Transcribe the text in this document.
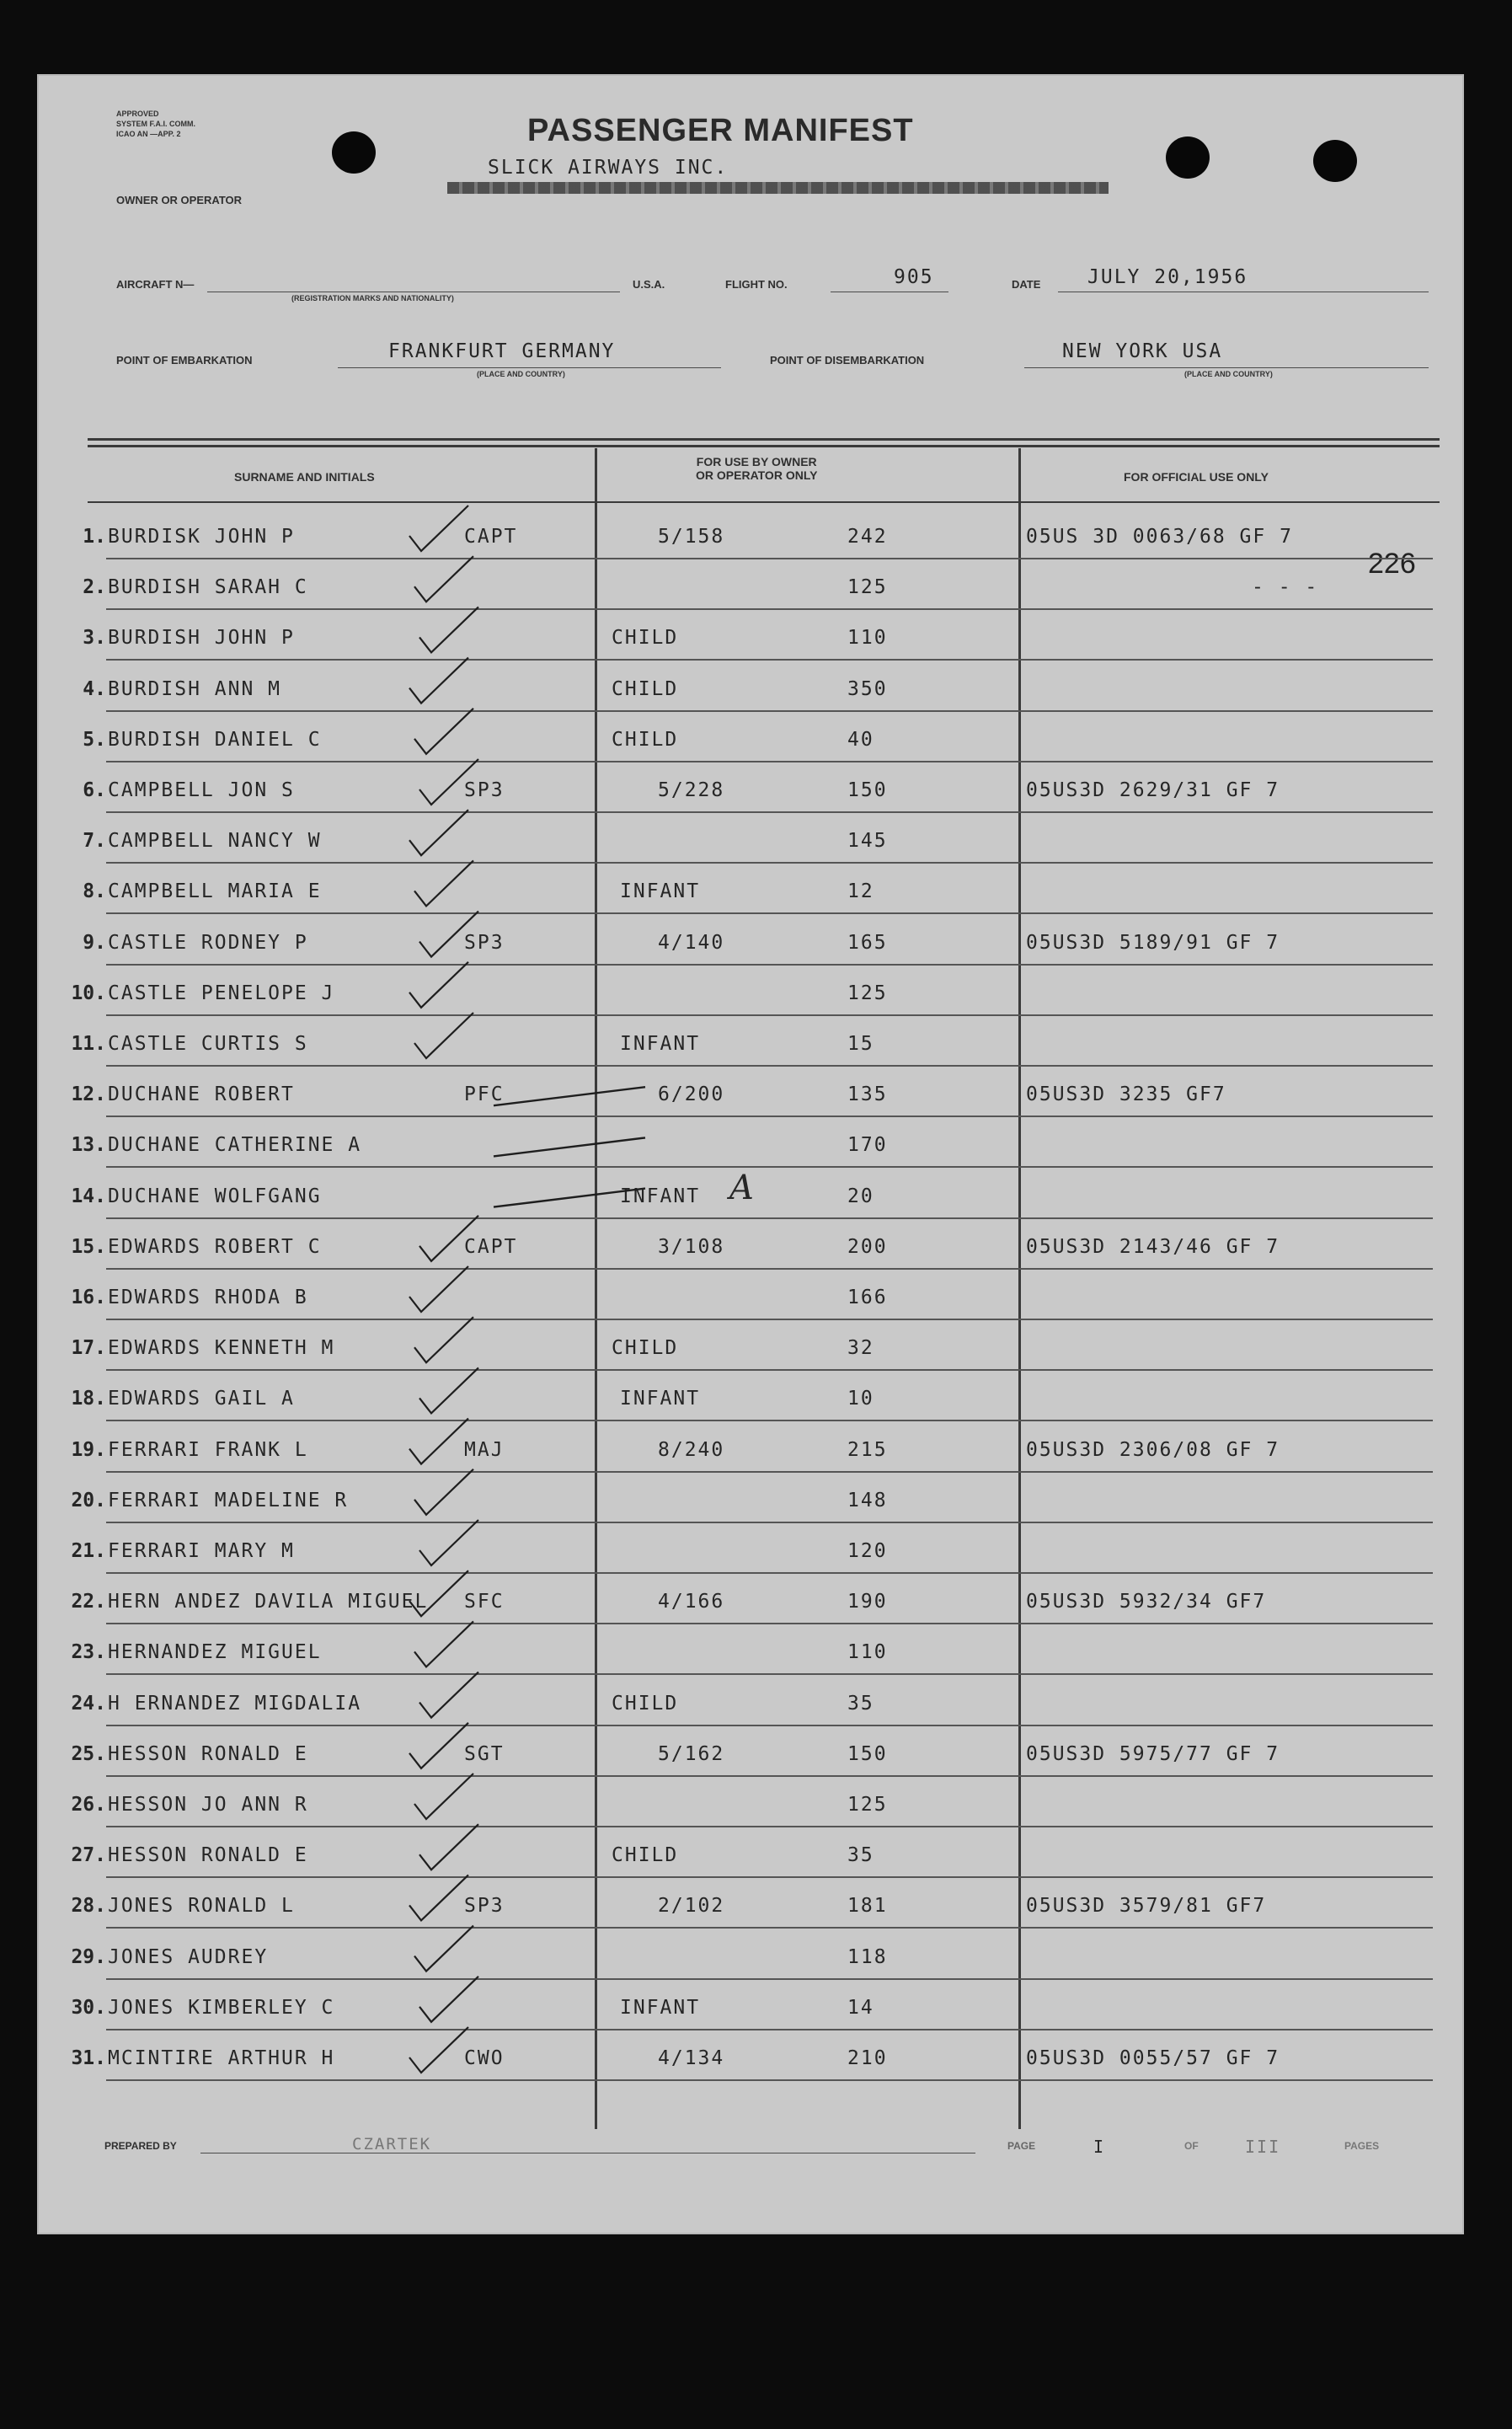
APPROVED
SYSTEM F.A.I. COMM.
ICAO AN —APP. 2	PASSENGER MANIFEST
SLICK AIRWAYS INC.
OWNER OR OPERATOR
AIRCRAFT N—
(REGISTRATION MARKS AND NATIONALITY)
U.S.A.	FLIGHT NO.	905	DATE JULY 20,1956
POINT OF EMBARKATION	FRANKFURT GERMANY
(PLACE AND COUNTRY)
POINT OF DISEMBARKATION	NEW YORK USA
(PLACE AND COUNTRY)
SURNAME AND INITIALS
FOR USE BY OWNER
OR OPERATOR ONLY	FOR OFFICIAL USE ONLY
226
1. BURDISK JOHN P	CAPT	5/158	242	05US 3D 0063/68 GF 7
2. BURDISH SARAH C	125	- - -
3. BURDISH JOHN P	CHILD	110
4. BURDISH ANN M	CHILD	350
5. BURDISH DANIEL C	CHILD	40
6. CAMPBELL JON S	SP3	5/228	150	05US3D 2629/31 GF 7
7. CAMPBELL NANCY W	145
8. CAMPBELL MARIA E	INFANT	12
9. CASTLE RODNEY P	SP3	4/140	165	05US3D 5189/91 GF 7
10. CASTLE PENELOPE J	125
11. CASTLE CURTIS S	INFANT	15
12. DUCHANE ROBERT	PFC	6/200	135	05US3D 3235 GF7
13. DUCHANE CATHERINE A	170
14. DUCHANE WOLFGANG	INFANT A	20
15. EDWARDS ROBERT C	CAPT	3/108	200	05US3D 2143/46 GF 7
16. EDWARDS RHODA B	166
17. EDWARDS KENNETH M	CHILD	32
18. EDWARDS GAIL A	INFANT	10
19. FERRARI FRANK L	MAJ	8/240	215	05US3D 2306/08 GF 7
20. FERRARI MADELINE R	148
21. FERRARI MARY M	120
22. HERN ANDEZ DAVILA MIGUEL SFC	4/166	190	05US3D 5932/34 GF7
23. HERNANDEZ MIGUEL	110
24. H ERNANDEZ MIGDALIA	CHILD	35
25. HESSON RONALD E	SGT	5/162	150	05US3D 5975/77 GF 7
26. HESSON JO ANN R	125
27. HESSON RONALD E	CHILD	35
28. JONES RONALD L	SP3	2/102	181	05US3D 3579/81 GF7
29. JONES AUDREY	118
30. JONES KIMBERLEY C	INFANT	14
31. MCINTIRE ARTHUR H	CWO	4/134	210	05US3D 0055/57 GF 7
PREPARED BY	CZARTEK	PAGE	I	OF	III	PAGES
